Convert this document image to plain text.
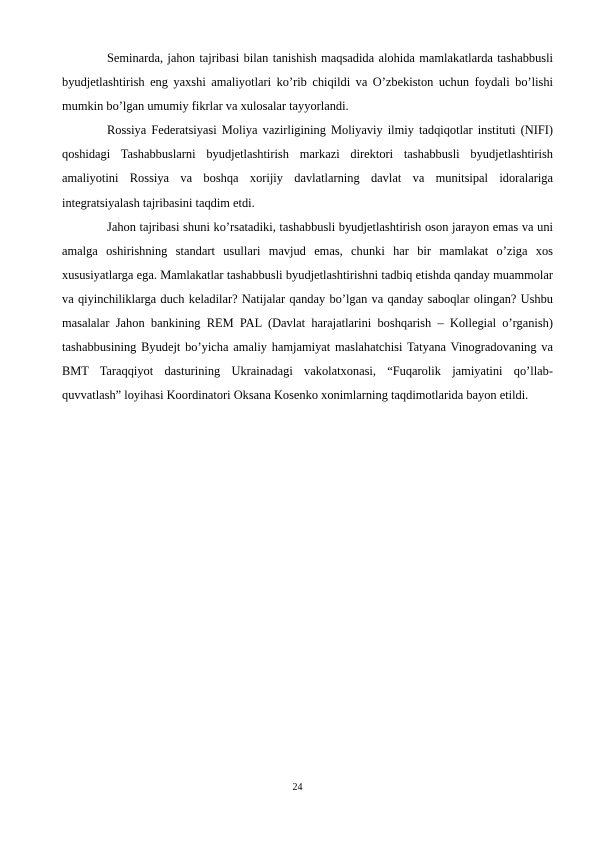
Seminarda, jahon tajribasi bilan tanishish maqsadida alohida mamlakatlarda tashabbusli byudjetlashtirish eng yaxshi amaliyotlari ko’rib chiqildi va O’zbekiston uchun foydali bo’lishi mumkin bo’lgan umumiy fikrlar va xulosalar tayyorlandi.

Rossiya Federatsiyasi Moliya vazirligining Moliyaviy ilmiy tadqiqotlar instituti (NIFI) qoshidagi Tashabbuslarni byudjetlashtirish markazi direktori tashabbusli byudjetlashtirish amaliyotini Rossiya va boshqa xorijiy davlatlarning davlat va munitsipal idoralariga integratsiyalash tajribasini taqdim etdi.

Jahon tajribasi shuni ko’rsatadiki, tashabbusli byudjetlashtirish oson jarayon emas va uni amalga oshirishning standart usullari mavjud emas, chunki har bir mamlakat o’ziga xos xususiyatlarga ega. Mamlakatlar tashabbusli byudjetlashtirishni tadbiq etishda qanday muammolar va qiyinchiliklarga duch keladilar? Natijalar qanday bo’lgan va qanday saboqlar olingan? Ushbu masalalar Jahon bankining REM PAL (Davlat harajatlarini boshqarish – Kollegial o’rganish) tashabbusining Byudejt bo’yicha amaliy hamjamiyat maslahatchisi Tatyana Vinogradovaning va BMT Taraqqiyot dasturining Ukrainadagi vakolatxonasi, “Fuqarolik jamiyatini qo’llab-quvvatlash” loyihasi Koordinatori Oksana Kosenko xonimlarning taqdimotlarida bayon etildi.

24
